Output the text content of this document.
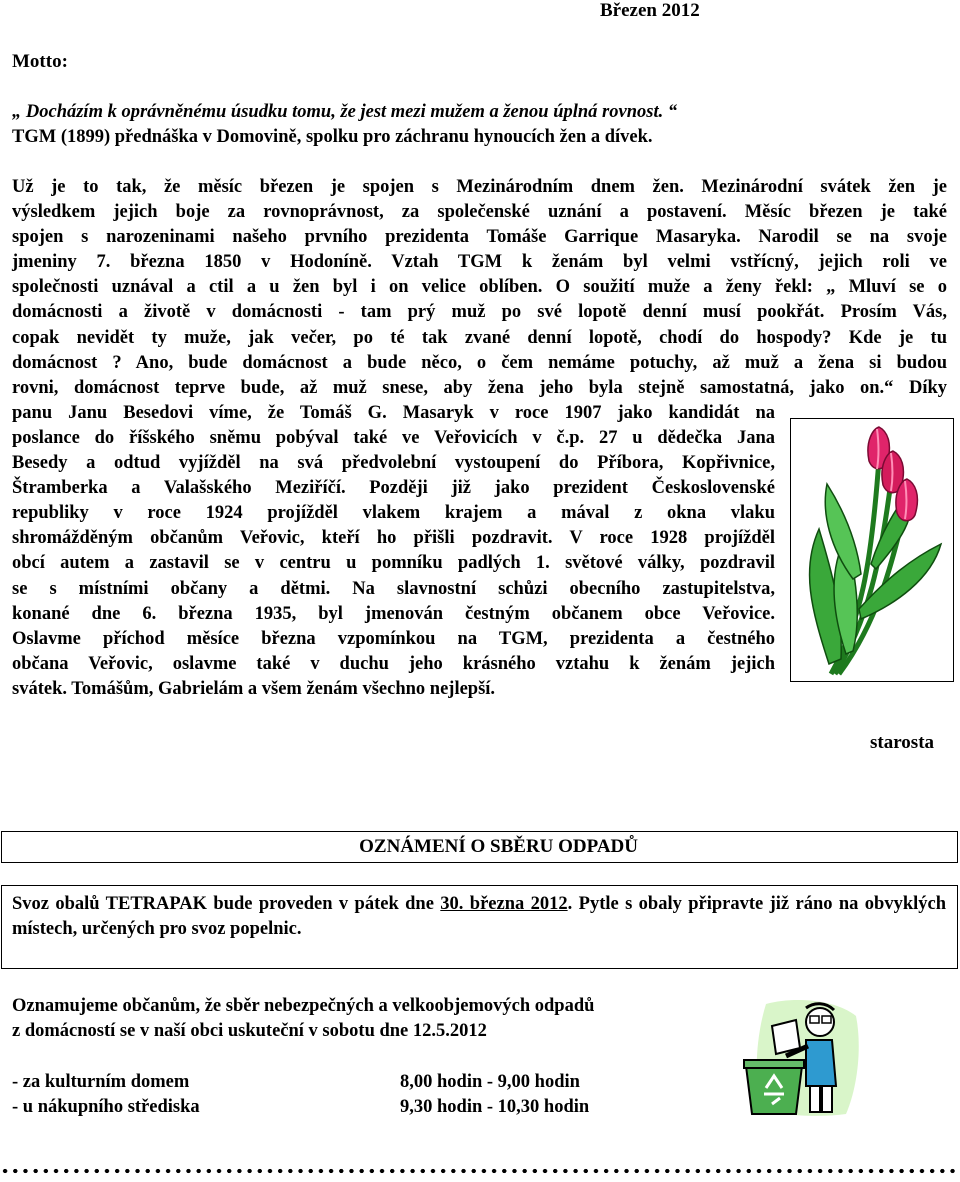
Březen 2012
Motto:
„ Docházím k oprávněnému úsudku tomu, že jest mezi mužem a ženou úplná rovnost. “
TGM (1899) přednáška v Domovině, spolku pro záchranu hynoucích žen a dívek.
Už je to tak, že měsíc březen je spojen s Mezinárodním dnem žen. Mezinárodní svátek žen je
výsledkem jejich boje za rovnoprávnost, za společenské uznání a postavení. Měsíc březen je také
spojen s narozeninami našeho prvního prezidenta Tomáše Garrique Masaryka. Narodil se na svoje
jmeniny 7. března 1850 v Hodoníně. Vztah TGM k ženám byl velmi vstřícný, jejich roli ve
společnosti uznával a ctil a u žen byl i on velice oblíben. O soužití muže a ženy řekl: „ Mluví se o
domácnosti a životě v domácnosti - tam prý muž po své lopotě denní musí pookřát. Prosím Vás,
copak nevidět ty muže, jak večer, po té tak zvané denní lopotě, chodí do hospody? Kde je tu
domácnost ? Ano, bude domácnost a bude něco, o čem nemáme potuchy, až muž a žena si budou
rovni, domácnost teprve bude, až muž snese, aby žena jeho byla stejně samostatná, jako on.“ Díky
panu Janu Besedovi víme, že Tomáš G. Masaryk v roce 1907 jako kandidát na
poslance do říšského sněmu pobýval také ve Veřovicích v č.p. 27 u dědečka Jana
Besedy a odtud vyjížděl na svá předvolební vystoupení do Příbora, Kopřivnice,
Štramberka a Valašského Meziříčí. Později již jako prezident Československé
republiky v roce 1924 projížděl vlakem krajem a mával z okna vlaku
shromážděným občanům Veřovic, kteří ho přišli pozdravit. V roce 1928 projížděl
obcí autem a zastavil se v centru u pomníku padlých 1. světové války, pozdravil
se s místními občany a dětmi. Na slavnostní schůzi obecního zastupitelstva,
konané dne 6. března 1935, byl jmenován čestným občanem obce Veřovice.
Oslavme příchod měsíce března vzpomínkou na TGM, prezidenta a čestného
občana Veřovic, oslavme také v duchu jeho krásného vztahu k ženám jejich
svátek. Tomášům, Gabrielám a všem ženám všechno nejlepší.
starosta
OZNÁMENÍ O SBĚRU ODPADŮ
Svoz obalů TETRAPAK bude proveden v pátek dne 30. března 2012. Pytle s obaly připravte již ráno na obvyklých místech, určených pro svoz popelnic.
Oznamujeme občanům, že sběr nebezpečných a velkoobjemových odpadů
z domácností se v naší obci uskuteční v sobotu dne 12.5.2012
- za kulturním domem	8,00 hodin - 9,00 hodin
- u nákupního střediska	9,30 hodin - 10,30 hodin
